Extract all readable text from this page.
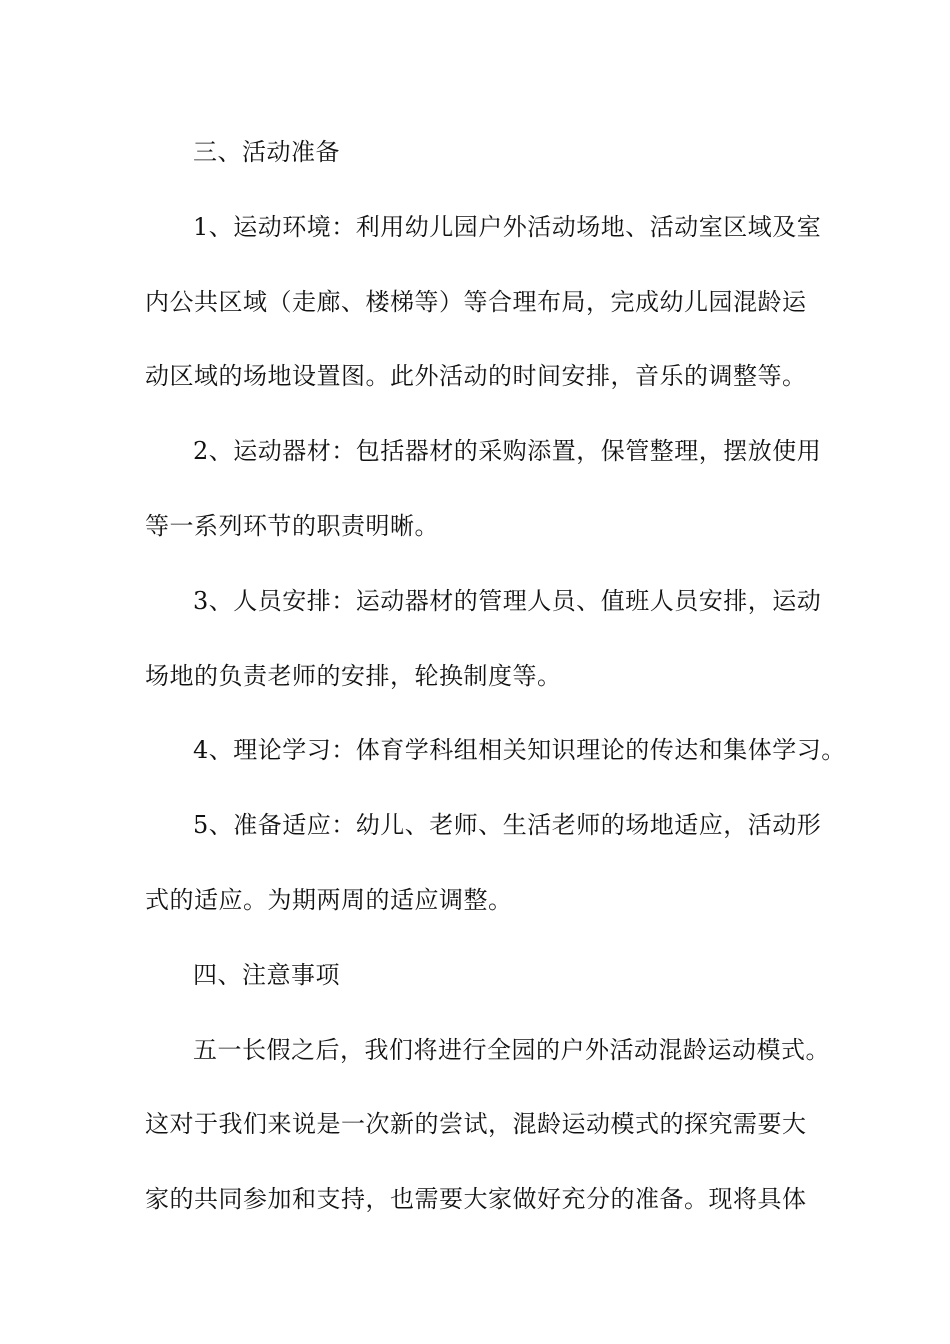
三、活动准备
1、运动环境：利用幼儿园户外活动场地、活动室区域及室
内公共区域（走廊、楼梯等）等合理布局，完成幼儿园混龄运
动区域的场地设置图。此外活动的时间安排，音乐的调整等。
2、运动器材：包括器材的采购添置，保管整理，摆放使用
等一系列环节的职责明晰。
3、人员安排：运动器材的管理人员、值班人员安排，运动
场地的负责老师的安排，轮换制度等。
4、理论学习：体育学科组相关知识理论的传达和集体学习。
5、准备适应：幼儿、老师、生活老师的场地适应，活动形
式的适应。为期两周的适应调整。
四、注意事项
五一长假之后，我们将进行全园的户外活动混龄运动模式。
这对于我们来说是一次新的尝试，混龄运动模式的探究需要大
家的共同参加和支持，也需要大家做好充分的准备。现将具体
